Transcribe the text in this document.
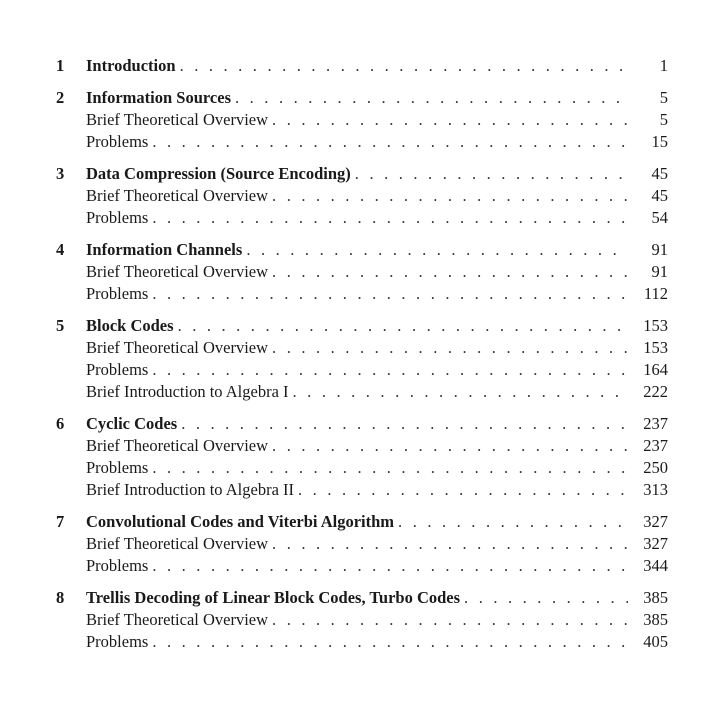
1	Introduction . . .	1
2	Information Sources . . .	5
Brief Theoretical Overview . . .	5
Problems . . .	15
3	Data Compression (Source Encoding) . . .	45
Brief Theoretical Overview . . .	45
Problems . . .	54
4	Information Channels . . .	91
Brief Theoretical Overview . . .	91
Problems . . .	112
5	Block Codes . . .	153
Brief Theoretical Overview . . .	153
Problems . . .	164
Brief Introduction to Algebra I . . .	222
6	Cyclic Codes . . .	237
Brief Theoretical Overview . . .	237
Problems . . .	250
Brief Introduction to Algebra II . . .	313
7	Convolutional Codes and Viterbi Algorithm . . .	327
Brief Theoretical Overview . . .	327
Problems . . .	344
8	Trellis Decoding of Linear Block Codes, Turbo Codes . . .	385
Brief Theoretical Overview . . .	385
Problems . . .	405
